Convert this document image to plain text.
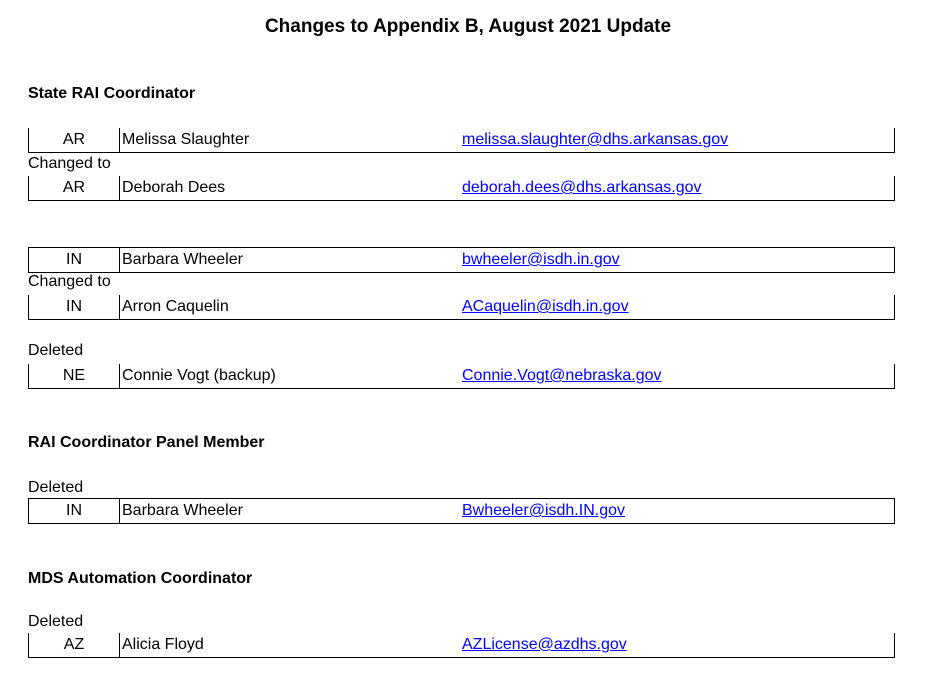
Changes to Appendix B, August 2021 Update
State RAI Coordinator
AR	Melissa Slaughter	melissa.slaughter@dhs.arkansas.gov
Changed to
AR	Deborah Dees	deborah.dees@dhs.arkansas.gov
IN	Barbara Wheeler	bwheeler@isdh.in.gov
Changed to
IN	Arron Caquelin	ACaquelin@isdh.in.gov
Deleted
NE	Connie Vogt (backup)	Connie.Vogt@nebraska.gov
RAI Coordinator Panel Member
Deleted
IN	Barbara Wheeler	Bwheeler@isdh.IN.gov
MDS Automation Coordinator
Deleted
AZ	Alicia Floyd	AZLicense@azdhs.gov
